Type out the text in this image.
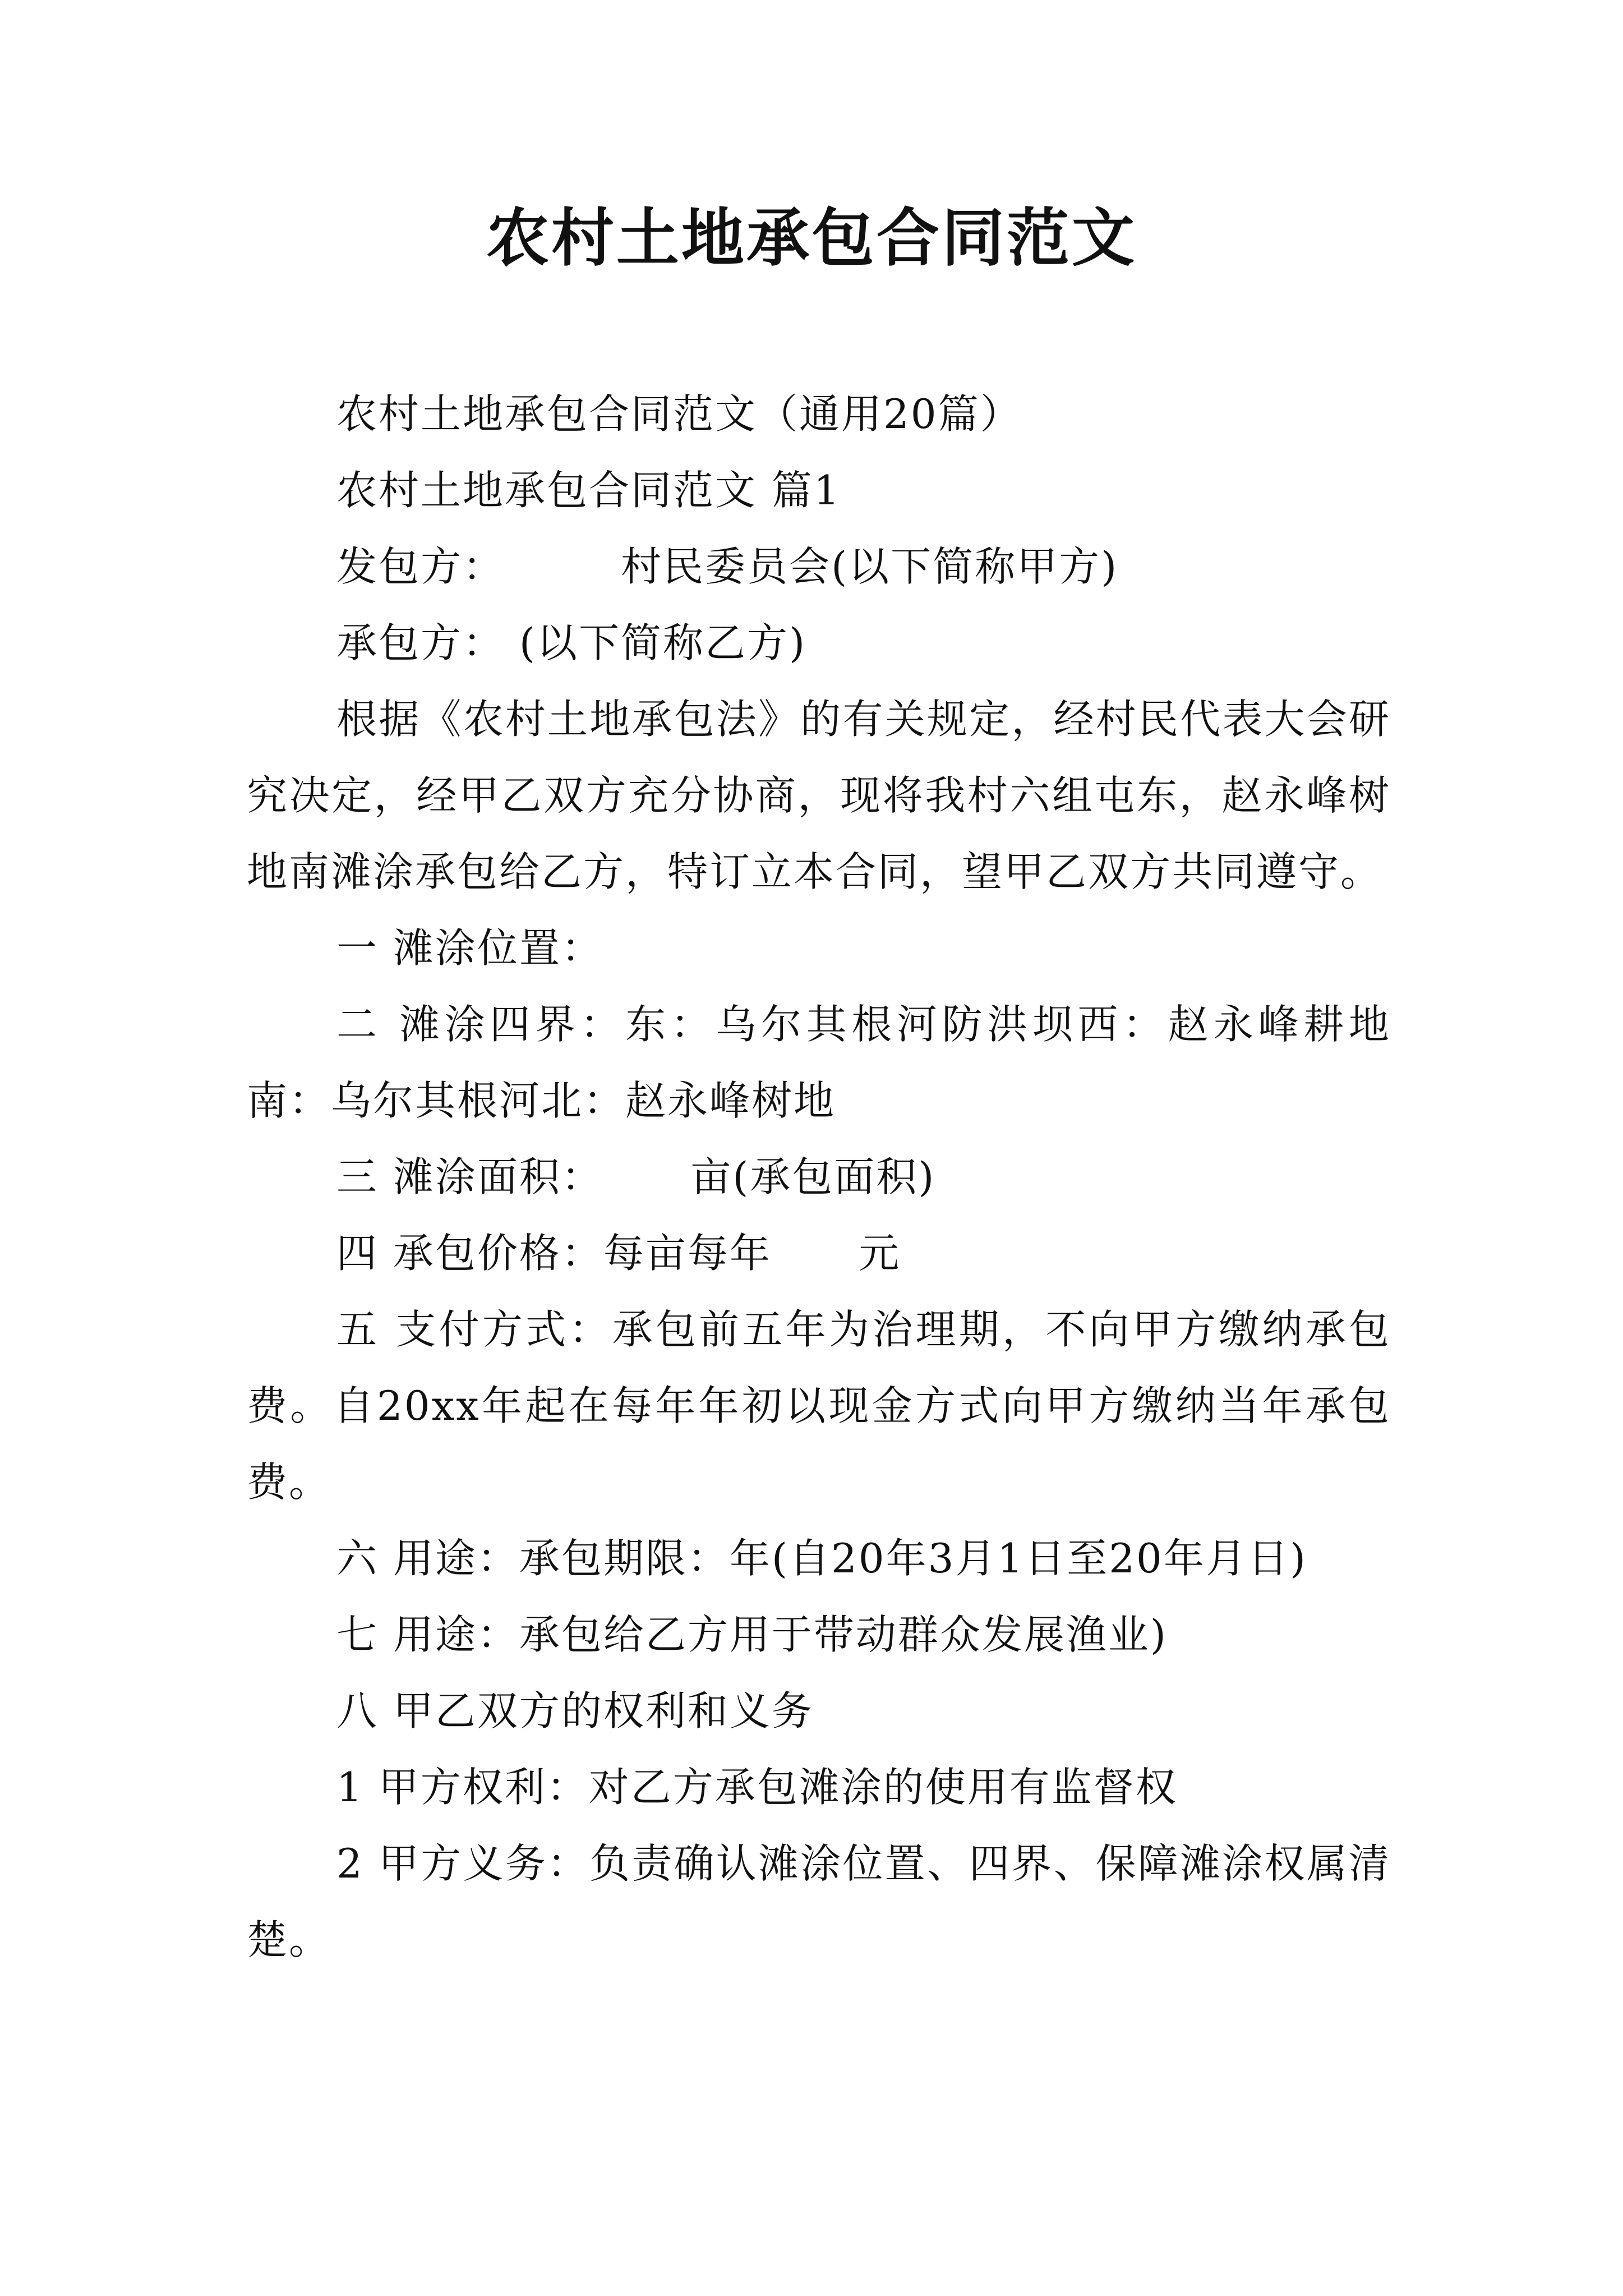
农村土地承包合同范文

农村土地承包合同范文（通用20篇）

农村土地承包合同范文 篇1

发包方：        村民委员会(以下简称甲方)

承包方： (以下简称乙方)

根据《农村土地承包法》的有关规定，经村民代表大会研究决定，经甲乙双方充分协商，现将我村六组屯东，赵永峰树地南滩涂承包给乙方，特订立本合同，望甲乙双方共同遵守。

一 滩涂位置：

二 滩涂四界：东：乌尔其根河防洪坝西：赵永峰耕地南：乌尔其根河北：赵永峰树地

三 滩涂面积：      亩(承包面积)

四 承包价格：每亩每年      元

五 支付方式：承包前五年为治理期，不向甲方缴纳承包费。自20xx年起在每年年初以现金方式向甲方缴纳当年承包费。

六 用途：承包期限：年(自20年3月1日至20年月日)

七 用途：承包给乙方用于带动群众发展渔业)

八 甲乙双方的权利和义务

1 甲方权利：对乙方承包滩涂的使用有监督权

2 甲方义务：负责确认滩涂位置、四界、保障滩涂权属清楚。
